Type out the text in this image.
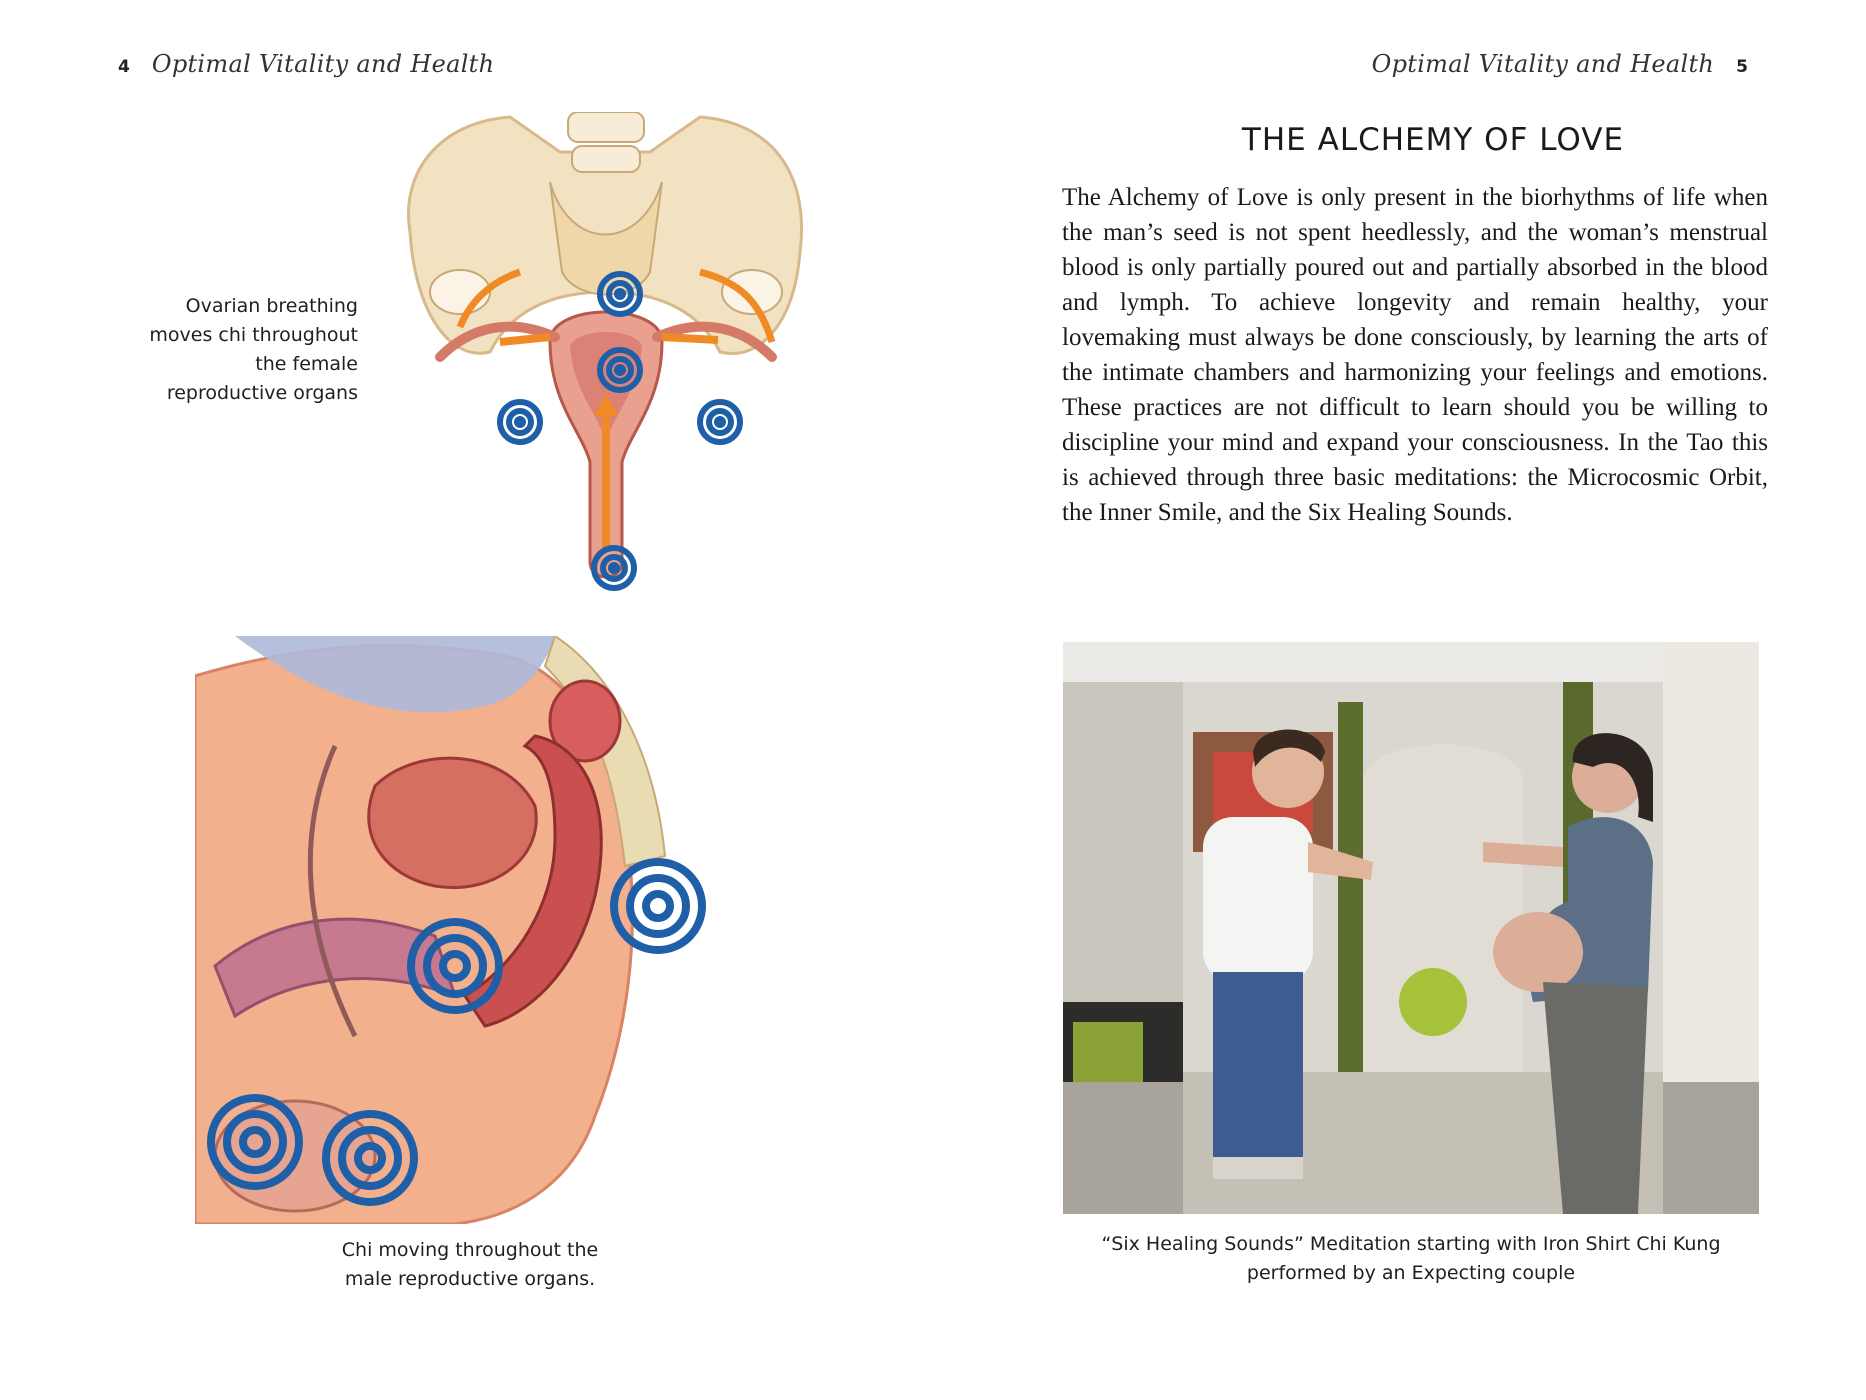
4 Optimal Vitality and Health
Ovarian breathing moves chi throughout the female reproductive organs
Chi moving throughout the male reproductive organs.
Optimal Vitality and Health 5
THE ALCHEMY OF LOVE

The Alchemy of Love is only present in the biorhythms of life when the man’s seed is not spent heedlessly, and the woman’s menstrual blood is only partially poured out and partially absorbed in the blood and lymph. To achieve longevity and remain healthy, your lovemaking must always be done consciously, by learning the arts of the intimate chambers and harmonizing your feelings and emotions. These practices are not difficult to learn should you be willing to discipline your mind and expand your consciousness. In the Tao this is achieved through three basic meditations: the Microcosmic Orbit, the Inner Smile, and the Six Healing Sounds.

“Six Healing Sounds” Meditation starting with Iron Shirt Chi Kung performed by an Expecting couple
